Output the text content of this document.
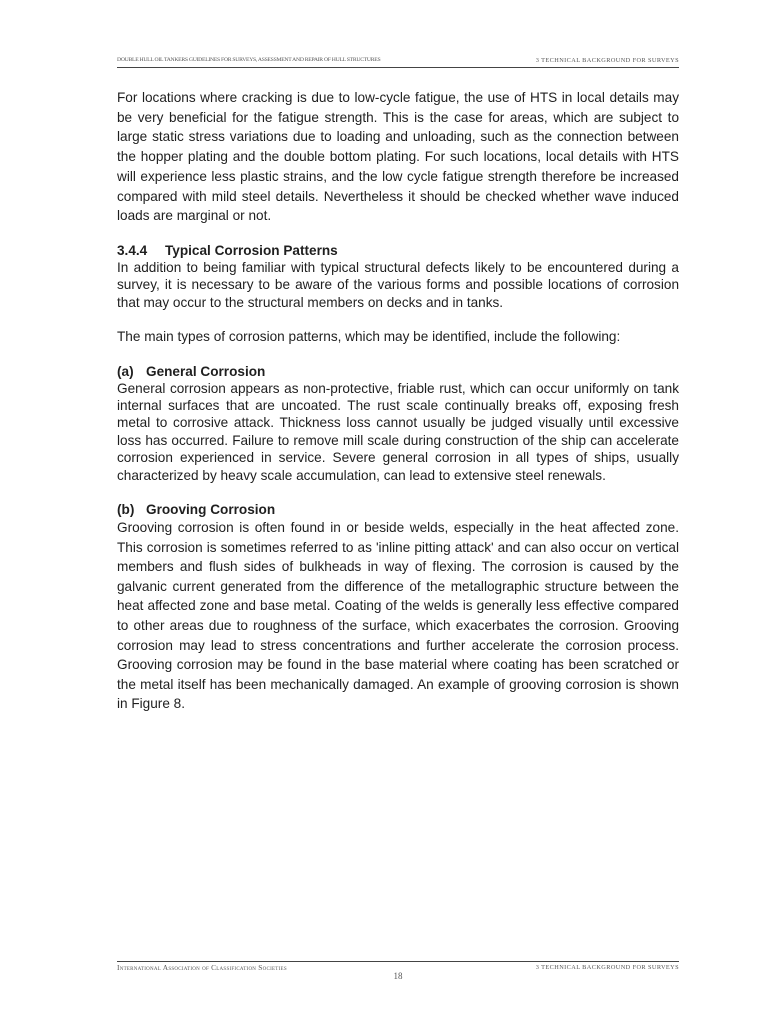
DOUBLE HULL OIL TANKERS GUIDELINES FOR SURVEYS, ASSESSMENT AND REPAIR OF HULL STRUCTURES	3 TECHNICAL BACKGROUND FOR SURVEYS

For locations where cracking is due to low-cycle fatigue, the use of HTS in local details may be very beneficial for the fatigue strength. This is the case for areas, which are subject to large static stress variations due to loading and unloading, such as the connection between the hopper plating and the double bottom plating. For such locations, local details with HTS will experience less plastic strains, and the low cycle fatigue strength therefore be increased compared with mild steel details. Nevertheless it should be checked whether wave induced loads are marginal or not.

3.4.4 Typical Corrosion Patterns

In addition to being familiar with typical structural defects likely to be encountered during a survey, it is necessary to be aware of the various forms and possible locations of corrosion that may occur to the structural members on decks and in tanks.

The main types of corrosion patterns, which may be identified, include the following:

(a) General Corrosion

General corrosion appears as non-protective, friable rust, which can occur uniformly on tank internal surfaces that are uncoated. The rust scale continually breaks off, exposing fresh metal to corrosive attack. Thickness loss cannot usually be judged visually until excessive loss has occurred. Failure to remove mill scale during construction of the ship can accelerate corrosion experienced in service. Severe general corrosion in all types of ships, usually characterized by heavy scale accumulation, can lead to extensive steel renewals.

(b) Grooving Corrosion

Grooving corrosion is often found in or beside welds, especially in the heat affected zone. This corrosion is sometimes referred to as 'inline pitting attack' and can also occur on vertical members and flush sides of bulkheads in way of flexing. The corrosion is caused by the galvanic current generated from the difference of the metallographic structure between the heat affected zone and base metal. Coating of the welds is generally less effective compared to other areas due to roughness of the surface, which exacerbates the corrosion. Grooving corrosion may lead to stress concentrations and further accelerate the corrosion process. Grooving corrosion may be found in the base material where coating has been scratched or the metal itself has been mechanically damaged. An example of grooving corrosion is shown in Figure 8.

International Association of Classification Societies	3 TECHNICAL BACKGROUND FOR SURVEYS
18
